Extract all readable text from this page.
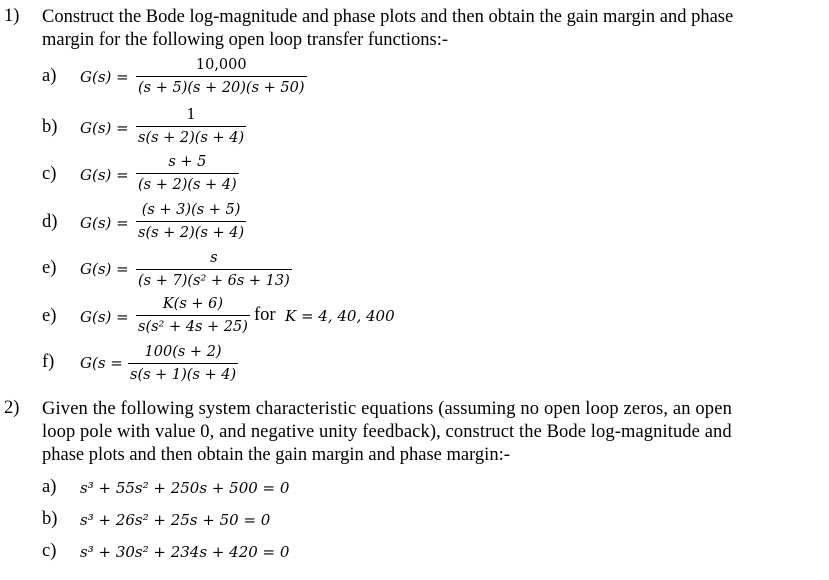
1) Construct the Bode log-magnitude and phase plots and then obtain the gain margin and phase
margin for the following open loop transfer functions:-
a) G(s) =
10,000
(s + 5)(s + 20)(s + 50)
b) G(s) =
1
s(s + 2)(s + 4)
c) G(s) =
s + 5
(s + 2)(s + 4)
d) G(s) =
(s + 3)(s + 5)
s(s + 2)(s + 4)
e) G(s) =
s
(s + 7)(s² + 6s + 13)
e) G(s) =
K(s + 6)
s(s² + 4s + 25)
for K = 4, 40, 400
f) G(s =
100(s + 2)
s(s + 1)(s + 4)
2) Given the following system characteristic equations (assuming no open loop zeros, an open
loop pole with value 0, and negative unity feedback), construct the Bode log-magnitude and
phase plots and then obtain the gain margin and phase margin:-
a) s³ + 55s² + 250s + 500 = 0
b) s³ + 26s² + 25s + 50 = 0
c) s³ + 30s² + 234s + 420 = 0
